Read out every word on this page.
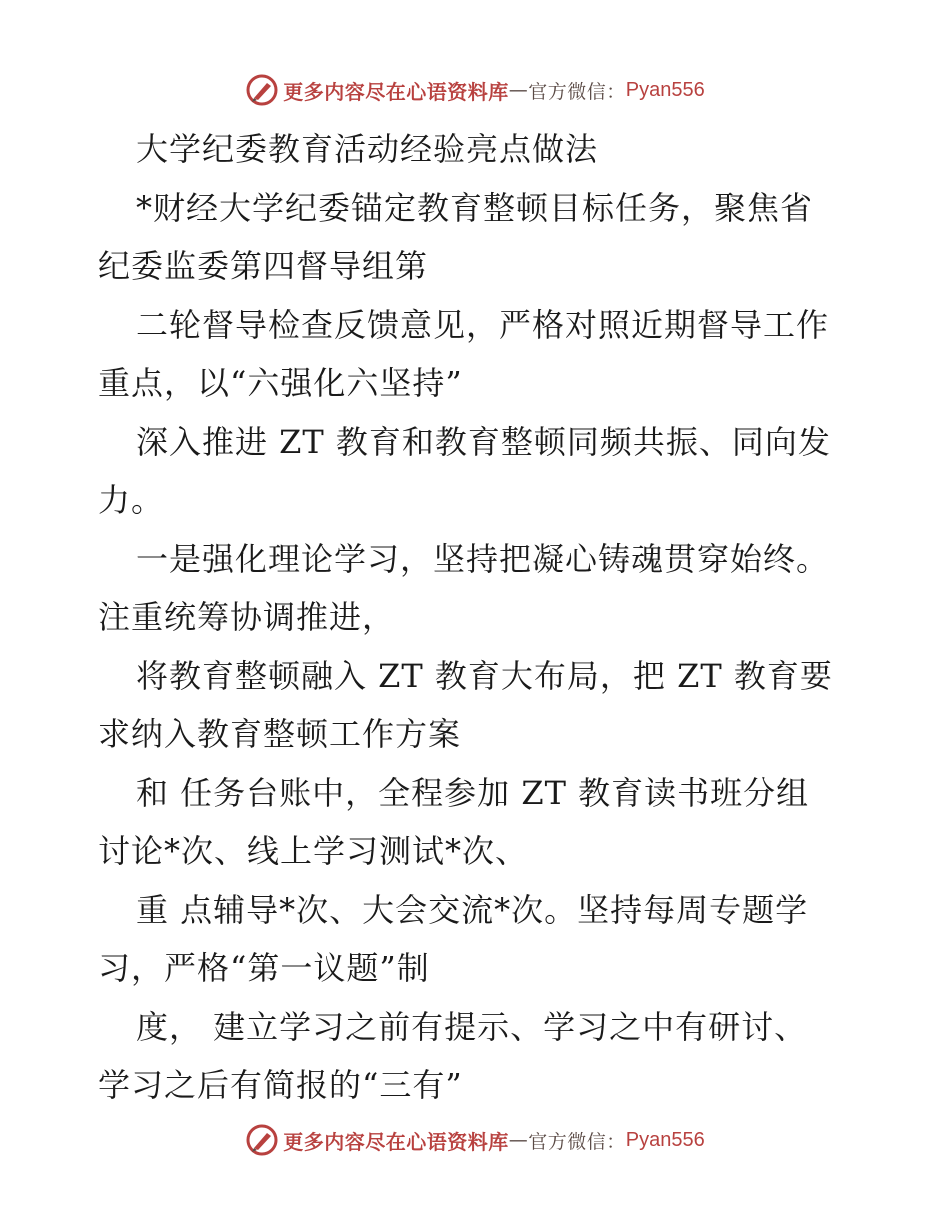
更多内容尽在心语资料库 — 官方微信： Pyan556
大学纪委教育活动经验亮点做法
*财经大学纪委锚定教育整顿目标任务，聚焦省
纪委监委第四督导组第
二轮督导检查反馈意见，严格对照近期督导工作
重点，以“六强化六坚持”
深入推进 ZT 教育和教育整顿同频共振、同向发
力。
一是强化理论学习，坚持把凝心铸魂贯穿始终。
注重统筹协调推进，
将教育整顿融入 ZT 教育大布局，把 ZT 教育要
求纳入教育整顿工作方案
和 任务台账中，全程参加 ZT 教育读书班分组
讨论*次、线上学习测试*次、
重 点辅导*次、大会交流*次。坚持每周专题学
习，严格“第一议题”制
度， 建立学习之前有提示、学习之中有研讨、
学习之后有简报的“三有”
更多内容尽在心语资料库 — 官方微信： Pyan556
